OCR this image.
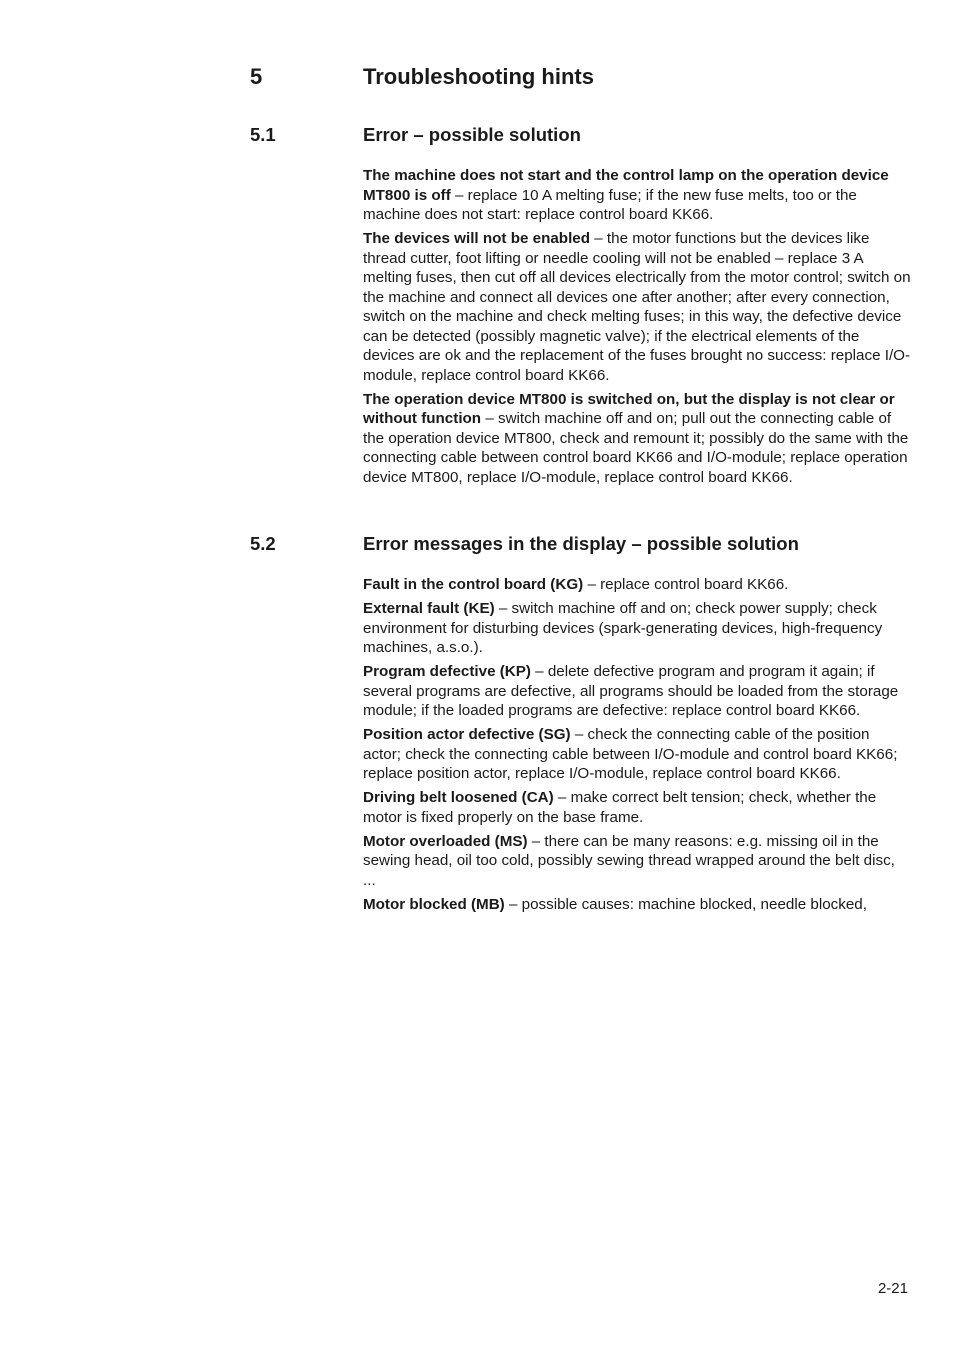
5	Troubleshooting hints
5.1	Error – possible solution

The machine does not start and the control lamp on the operation device MT800 is off – replace 10 A melting fuse; if the new fuse melts, too or the machine does not start: replace control board KK66.

The devices will not be enabled – the motor functions but the devices like thread cutter, foot lifting or needle cooling will not be enabled – replace 3 A melting fuses, then cut off all devices electrically from the motor control; switch on the machine and connect all devices one after another; after every connection, switch on the machine and check melting fuses; in this way, the defective device can be detected (possibly magnetic valve); if the electrical elements of the devices are ok and the replacement of the fuses brought no success: replace I/O-module, replace control board KK66.

The operation device MT800 is switched on, but the display is not clear or without function – switch machine off and on; pull out the connecting cable of the operation device MT800, check and remount it; possibly do the same with the connecting cable between control board KK66 and I/O-module; replace operation device MT800, replace I/O-module, replace control board KK66.

5.2	Error messages in the display – possible solution

Fault in the control board (KG) – replace control board KK66.

External fault (KE) – switch machine off and on; check power supply; check environment for disturbing devices (spark-generating devices, high-frequency machines, a.s.o.).

Program defective (KP) – delete defective program and program it again; if several programs are defective, all programs should be loaded from the storage module; if the loaded programs are defective: replace control board KK66.

Position actor defective (SG) – check the connecting cable of the position actor; check the connecting cable between I/O-module and control board KK66; replace position actor, replace I/O-module, replace control board KK66.

Driving belt loosened (CA) – make correct belt tension; check, whether the motor is fixed properly on the base frame.

Motor overloaded (MS) – there can be many reasons: e.g. missing oil in the sewing head, oil too cold, possibly sewing thread wrapped around the belt disc, ...

Motor blocked (MB) – possible causes: machine blocked, needle blocked,

2-21
